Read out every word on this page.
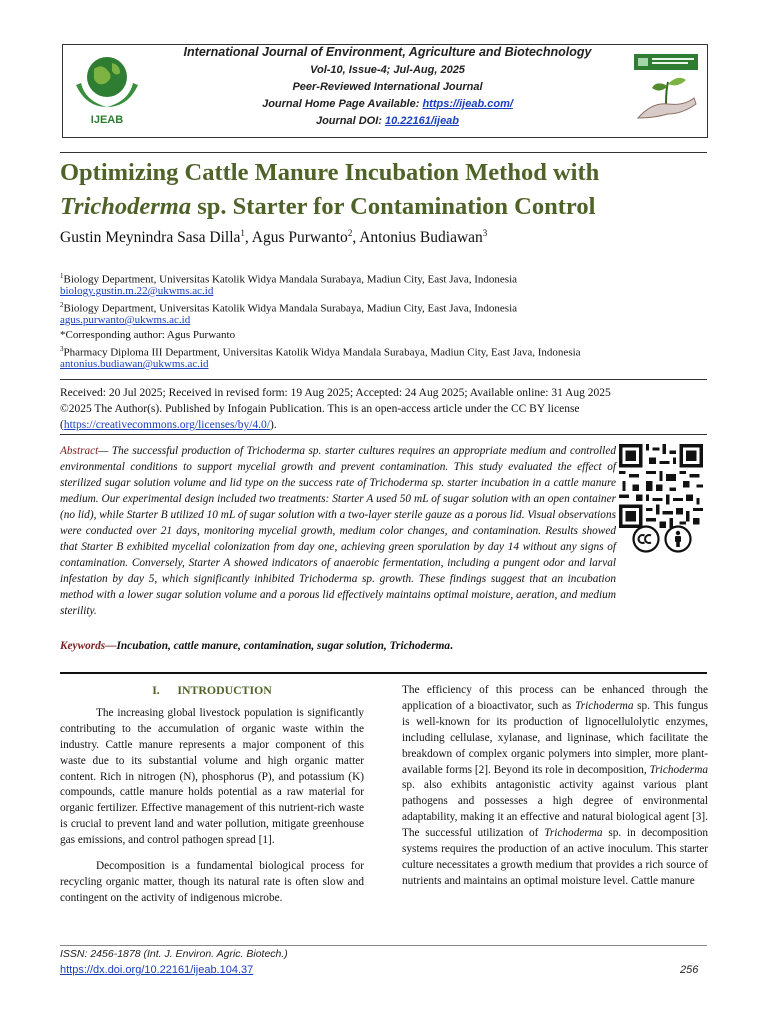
IJEAB
International Journal of Environment, Agriculture and Biotechnology
Vol-10, Issue-4; Jul-Aug, 2025
Peer-Reviewed International Journal
Journal Home Page Available: https://ijeab.com/
Journal DOI: 10.22161/ijeab
Optimizing Cattle Manure Incubation Method with
Trichoderma sp. Starter for Contamination Control
Gustin Meynindra Sasa Dilla$^1$, Agus Purwanto$^2$, Antonius Budiawan$^3$
$^1$Biology Department, Universitas Katolik Widya Mandala Surabaya, Madiun City, East Java, Indonesia
biology.gustin.m.22@ukwms.ac.id
$^2$Biology Department, Universitas Katolik Widya Mandala Surabaya, Madiun City, East Java, Indonesia
agus.purwanto@ukwms.ac.id
*Corresponding author: Agus Purwanto
$^3$Pharmacy Diploma III Department, Universitas Katolik Widya Mandala Surabaya, Madiun City, East Java, Indonesia
antonius.budiawan@ukwms.ac.id
Received: 20 Jul 2025; Received in revised form: 19 Aug 2025; Accepted: 24 Aug 2025; Available online: 31 Aug 2025
©2025 The Author(s). Published by Infogain Publication. This is an open-access article under the CC BY license
(https://creativecommons.org/licenses/by/4.0/).
Abstract— The successful production of Trichoderma sp. starter cultures requires an appropriate medium and controlled environmental conditions to support mycelial growth and prevent contamination. This study evaluated the effect of sterilized sugar solution volume and lid type on the success rate of Trichoderma sp. starter incubation in a cattle manure medium. Our experimental design included two treatments: Starter A used 50 mL of sugar solution with an open container (no lid), while Starter B utilized 10 mL of sugar solution with a two-layer sterile gauze as a porous lid. Visual observations were conducted over 21 days, monitoring mycelial growth, medium color changes, and contamination. Results showed that Starter B exhibited mycelial colonization from day one, achieving green sporulation by day 14 without any signs of contamination. Conversely, Starter A showed indicators of anaerobic fermentation, including a pungent odor and larval infestation by day 5, which significantly inhibited Trichoderma sp. growth. These findings suggest that an incubation method with a lower sugar solution volume and a porous lid effectively maintains optimal moisture, aeration, and medium sterility.
Keywords—Incubation, cattle manure, contamination, sugar solution, Trichoderma.
I.      INTRODUCTION

The increasing global livestock population is significantly contributing to the accumulation of organic waste within the industry. Cattle manure represents a major component of this waste due to its substantial volume and high organic matter content. Rich in nitrogen (N), phosphorus (P), and potassium (K) compounds, cattle manure holds potential as a raw material for organic fertilizer. Effective management of this nutrient-rich waste is crucial to prevent land and water pollution, mitigate greenhouse gas emissions, and control pathogen spread [1].

Decomposition is a fundamental biological process for recycling organic matter, though its natural rate is often slow and contingent on the activity of indigenous microbe.

The efficiency of this process can be enhanced through the application of a bioactivator, such as Trichoderma sp. This fungus is well-known for its production of lignocellulolytic enzymes, including cellulase, xylanase, and ligninase, which facilitate the breakdown of complex organic polymers into simpler, more plant-available forms [2]. Beyond its role in decomposition, Trichoderma sp. also exhibits antagonistic activity against various plant pathogens and possesses a high degree of environmental adaptability, making it an effective and natural biological agent [3]. The successful utilization of Trichoderma sp. in decomposition systems requires the production of an active inoculum. This starter culture necessitates a growth medium that provides a rich source of nutrients and maintains an optimal moisture level. Cattle manure

ISSN: 2456-1878 (Int. J. Environ. Agric. Biotech.)
https://dx.doi.org/10.22161/ijeab.104.37	256
